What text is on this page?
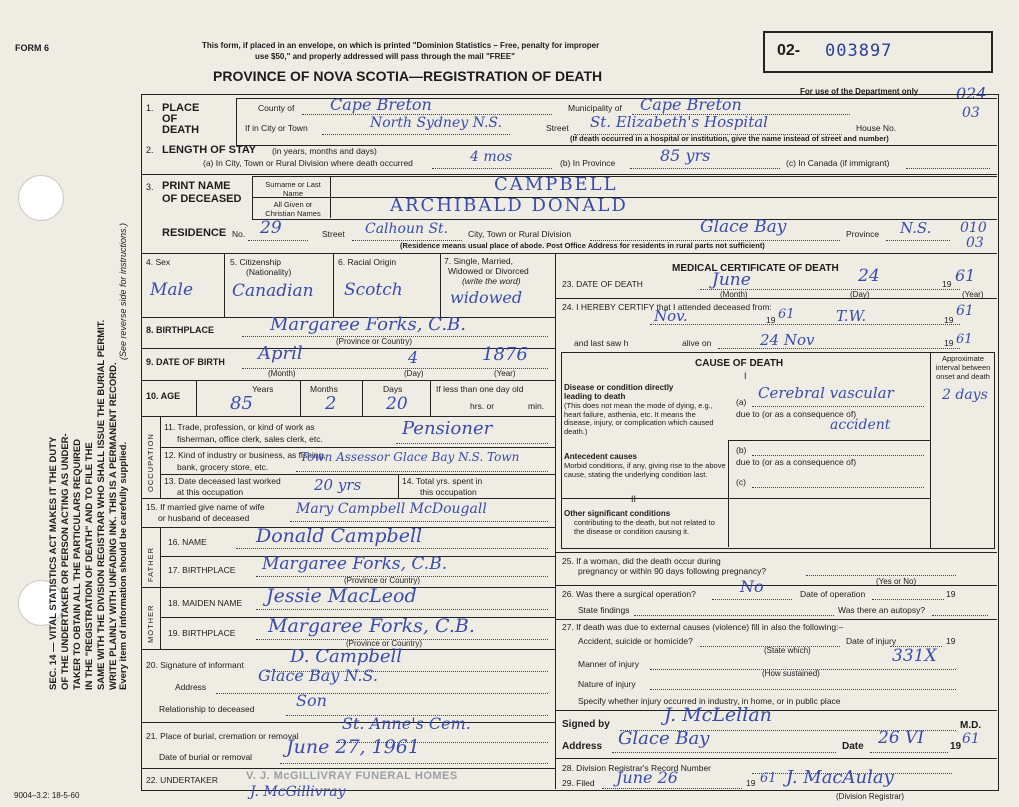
SEC. 14 — VITAL STATISTICS ACT MAKES IT THE DUTY OF THE UNDERTAKER OR PERSON ACTING AS UNDER- TAKER TO OBTAIN ALL THE PARTICULARS REQUIRED IN THE "REGISTRATION OF DEATH" AND TO FILE THE SAME WITH THE DIVISION REGISTRAR WHO SHALL ISSUE THE BURIAL PERMIT. WRITE PLAINLY WITH UNFADING INK. THIS IS A PERMANENT RECORD.
(See reverse side for instructions.)
Every item of information should be carefully supplied.
FORM 6	This form, if placed in an envelope, on which is printed "Dominion Statistics – Free, penalty for improper
use $50," and properly addressed will pass through the mail "FREE"
PROVINCE OF NOVA SCOTIA—REGISTRATION OF DEATH
02- 003897
For use of the Department only 024
03
010
03
1. PLACE
OF
DEATH
County of Cape Breton	Municipality of Cape Breton
If in City or Town	North Sydney N.S.	Street St. Elizabeth's Hospital	House No.
(If death occurred in a hospital or institution, give the name instead of street and number)
2. LENGTH OF STAY (in years, months and days)
(a) In City, Town or Rural Division where death occurred	4 mos	(b) In Province	85 yrs	(c) In Canada (if immigrant)
3. PRINT NAME
OF DECEASED
Surname or Last Name	CAMPBELL
All Given or Christian Names	ARCHIBALD DONALD
RESIDENCE No. 29	Street Calhoun St. City, Town or Rural Division	Glace Bay	Province N.S.
(Residence means usual place of abode. Post Office Address for residents in rural parts not sufficient)
4. Sex
Male
5. Citizenship
(Nationality)
Canadian
6. Racial Origin
Scotch
7. Single, Married,
Widowed or Divorced
(write the word)
widowed
8. BIRTHPLACE	Margaree Forks, C.B.
(Province or Country)
9. DATE OF BIRTH April	4	1876
(Month)	(Day)	(Year)
10. AGE
Years
85
Months
2
Days
20
If less than one day old
hrs. or	min.
OCCUPATION
11. Trade, profession, or kind of work as
fisherman, office clerk, sales clerk, etc.	Pensioner
12. Kind of industry or business, as fishing,
bank, grocery store, etc.
Town Assessor Glace Bay N.S. Town
13. Date deceased last worked
at this occupation	20 yrs	14. Total yrs. spent in
this occupation
15. If married give name of wife
or husband of deceased
Mary Campbell McDougall
FATHER
16. NAME	Donald Campbell
17. BIRTHPLACE Margaree Forks, C.B.
(Province or Country)
MOTHER
18. MAIDEN NAME Jessie MacLeod
19. BIRTHPLACE Margaree Forks, C.B.
(Province or Country)
20. Signature of informant	D. Campbell
Address
Glace Bay N.S.
Relationship to deceased	Son
21. Place of burial, cremation or removal
St. Anne's Cem.
Date of burial or removal June 27, 1961
22. UNDERTAKER	V. J. McGILLIVRAY FUNERAL HOMES
J. McGillivray
9004–3.2: 18-5-60
MEDICAL CERTIFICATE OF DEATH
23. DATE OF DEATH	June	24	19 61
(Month)	(Day)	(Year)
24. I HEREBY CERTIFY that I attended deceased from:
Nov.	19 61	T.W.	19
61
and last saw h	alive on	24 Nov	19 61
CAUSE OF DEATH	Approximate interval between onset and death
I
Disease or condition directly leading to death
(This does not mean the mode of dying, e.g., heart failure, asthenia, etc. It means the disease, injury, or complication which caused death.)
(a) Cerebral vascular	2 days
due to (or as a consequence of)
accident
(b)
due to (or as a consequence of)
(c)
Antecedent causes
Morbid conditions, if any, giving rise to the above cause, stating the underlying condition last.
II
Other significant conditions
contributing to the death, but not related to the disease or condition causing it.
25. If a woman, did the death occur during
pregnancy or within 90 days following pregnancy?
(Yes or No)
26. Was there a surgical operation?	No	Date of operation	19
State findings	Was there an autopsy?
27. If death was due to external causes (violence) fill in also the following:–
Accident, suicide or homicide?	Date of injury	19
(State which)	331X
Manner of injury
(How sustained)
Nature of injury
Specify whether injury occurred in industry, in home, or in public place
Signed by	J. McLellan	M.D.
Address Glace Bay	Date 26 VI	19 61
28. Division Registrar's Record Number
29. Filed June 26	19 61 J. MacAulay
(Division Registrar)
